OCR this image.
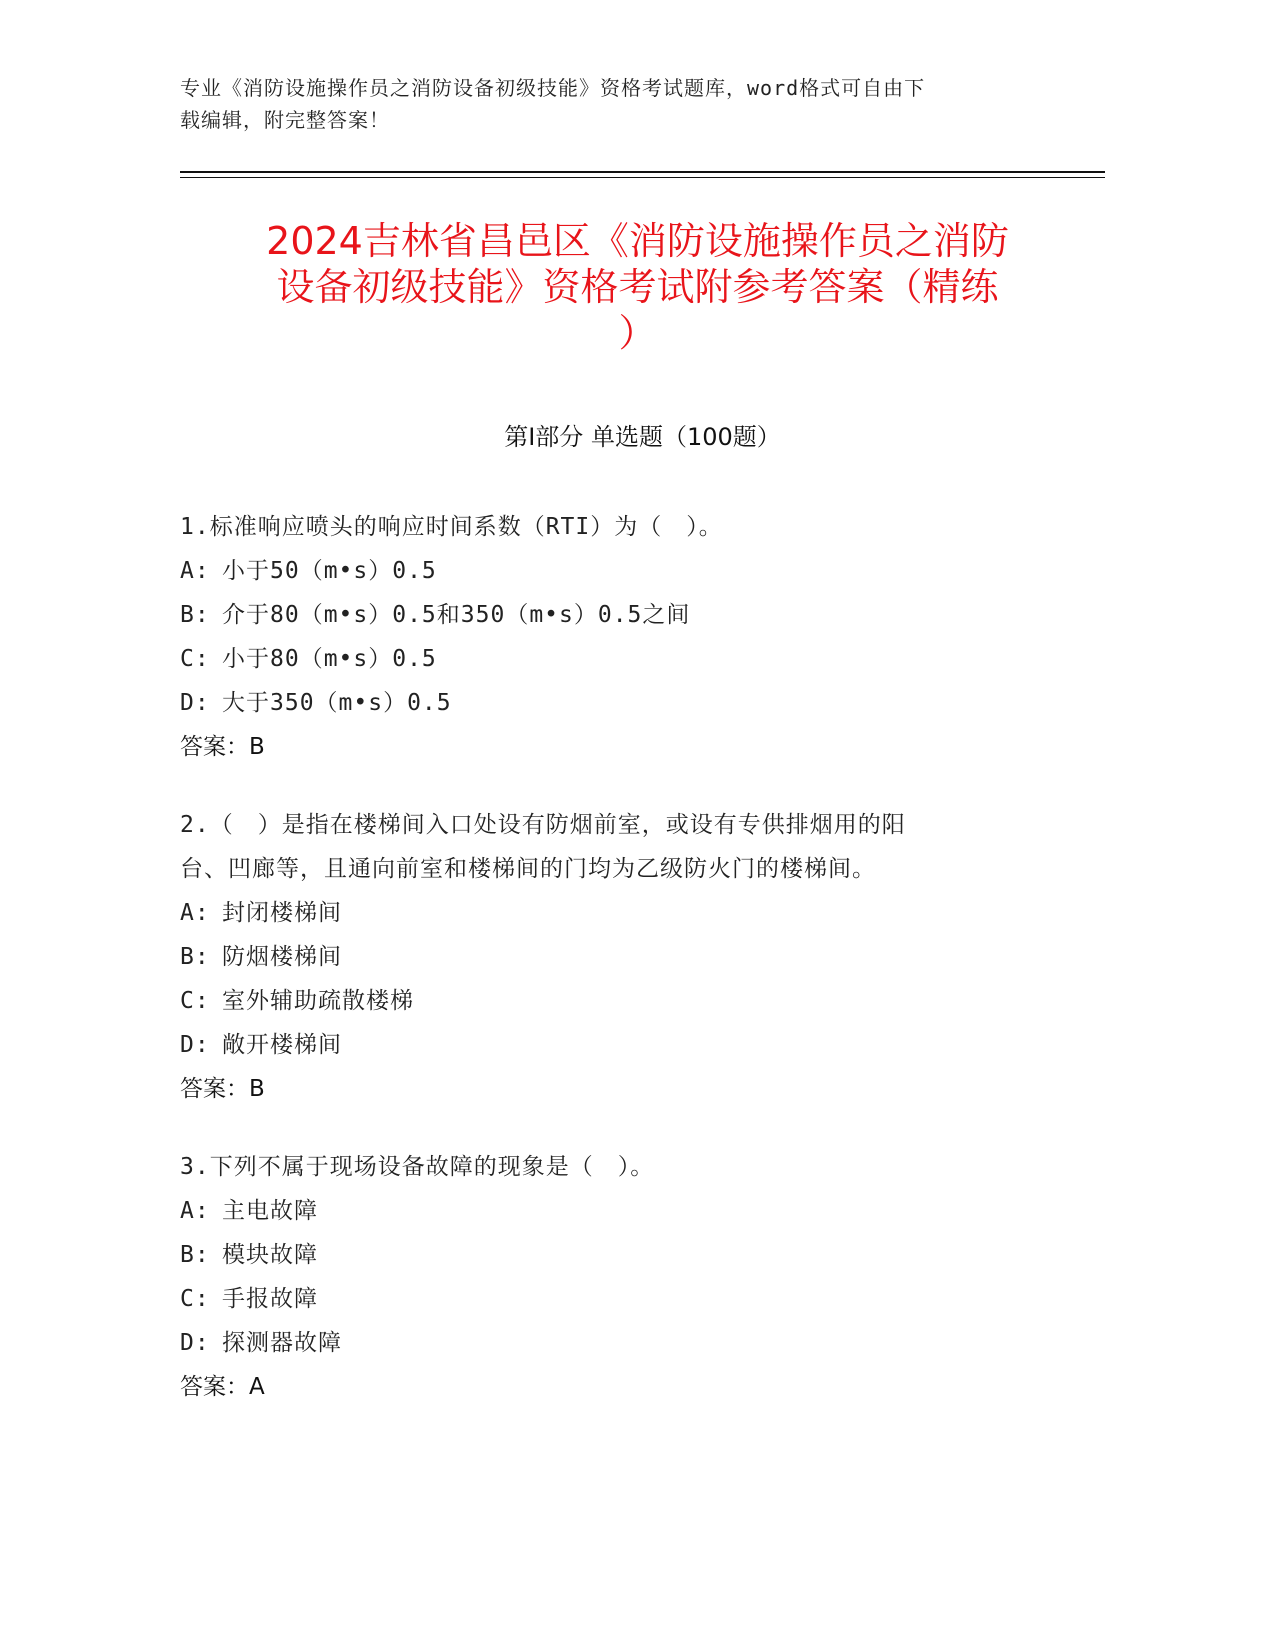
专业《消防设施操作员之消防设备初级技能》资格考试题库，word格式可自由下
载编辑，附完整答案！
2024吉林省昌邑区《消防设施操作员之消防
设备初级技能》资格考试附参考答案（精练
）
第Ⅰ部分 单选题（100题）
1.标准响应喷头的响应时间系数（RTI）为（　）。
A: 小于50（m•s）0.5
B: 介于80（m•s）0.5和350（m•s）0.5之间
C: 小于80（m•s）0.5
D: 大于350（m•s）0.5
答案：B
2.（　）是指在楼梯间入口处设有防烟前室，或设有专供排烟用的阳
台、凹廊等，且通向前室和楼梯间的门均为乙级防火门的楼梯间。
A: 封闭楼梯间
B: 防烟楼梯间
C: 室外辅助疏散楼梯
D: 敞开楼梯间
答案：B
3.下列不属于现场设备故障的现象是（　）。
A: 主电故障
B: 模块故障
C: 手报故障
D: 探测器故障
答案：A
